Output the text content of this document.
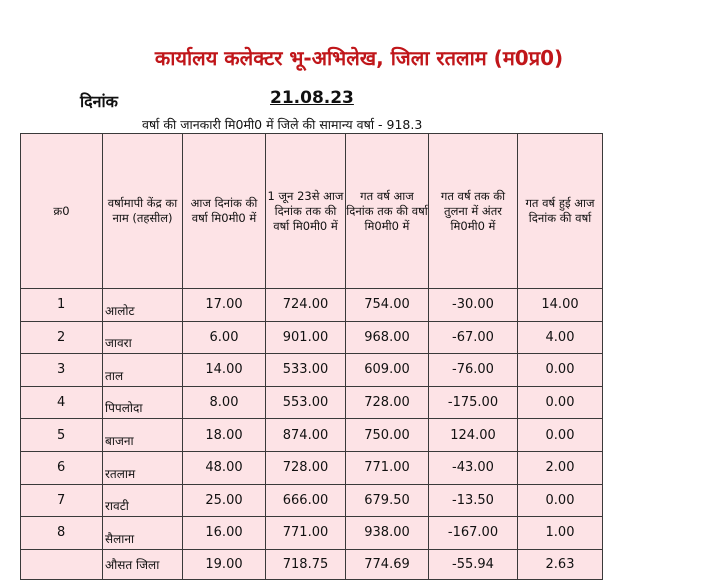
कार्यालय कलेक्टर भू-अभिलेख, जिला रतलाम (म0प्र0)
दिनांक	21.08.23
वर्षा की जानकारी मि0मी0 में जिले की सामान्य वर्षा - 918.3
क्र0	वर्षामापी केंद्र का नाम (तहसील)	आज दिनांक की वर्षा मि0मी0 में	1 जून 23से आज दिनांक तक की वर्षा मि0मी0 में	गत वर्ष आज दिनांक तक की वर्षा मि0मी0 में	गत वर्ष तक की तुलना में अंतर मि0मी0 में	गत वर्ष हुई आज दिनांक की वर्षा
1	आलोट	17.00	724.00	754.00	-30.00	14.00
2	जावरा	6.00	901.00	968.00	-67.00	4.00
3	ताल	14.00	533.00	609.00	-76.00	0.00
4	पिपलोदा	8.00	553.00	728.00	-175.00	0.00
5	बाजना	18.00	874.00	750.00	124.00	0.00
6	रतलाम	48.00	728.00	771.00	-43.00	2.00
7	रावटी	25.00	666.00	679.50	-13.50	0.00
8	सैलाना	16.00	771.00	938.00	-167.00	1.00
	औसत जिला	19.00	718.75	774.69	-55.94	2.63
